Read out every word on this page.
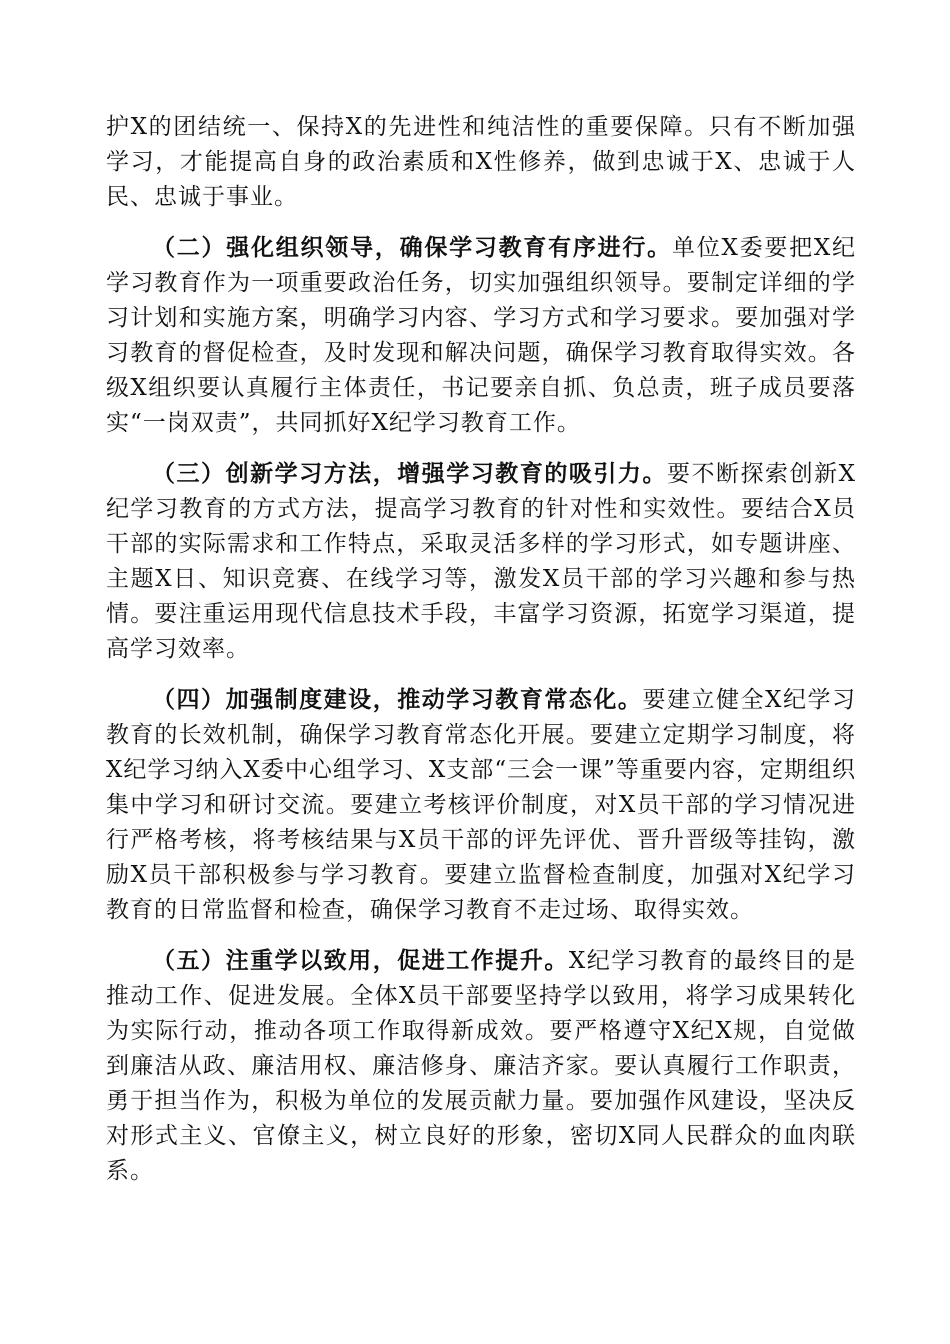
护X的团结统一、保持X的先进性和纯洁性的重要保障。只有不断加强学习，才能提高自身的政治素质和X性修养，做到忠诚于X、忠诚于人民、忠诚于事业。

（二）强化组织领导，确保学习教育有序进行。单位X委要把X纪学习教育作为一项重要政治任务，切实加强组织领导。要制定详细的学习计划和实施方案，明确学习内容、学习方式和学习要求。要加强对学习教育的督促检查，及时发现和解决问题，确保学习教育取得实效。各级X组织要认真履行主体责任，书记要亲自抓、负总责，班子成员要落实“一岗双责”，共同抓好X纪学习教育工作。

（三）创新学习方法，增强学习教育的吸引力。要不断探索创新X纪学习教育的方式方法，提高学习教育的针对性和实效性。要结合X员干部的实际需求和工作特点，采取灵活多样的学习形式，如专题讲座、主题X日、知识竞赛、在线学习等，激发X员干部的学习兴趣和参与热情。要注重运用现代信息技术手段，丰富学习资源，拓宽学习渠道，提高学习效率。

（四）加强制度建设，推动学习教育常态化。要建立健全X纪学习教育的长效机制，确保学习教育常态化开展。要建立定期学习制度，将X纪学习纳入X委中心组学习、X支部“三会一课”等重要内容，定期组织集中学习和研讨交流。要建立考核评价制度，对X员干部的学习情况进行严格考核，将考核结果与X员干部的评先评优、晋升晋级等挂钩，激励X员干部积极参与学习教育。要建立监督检查制度，加强对X纪学习教育的日常监督和检查，确保学习教育不走过场、取得实效。

（五）注重学以致用，促进工作提升。X纪学习教育的最终目的是推动工作、促进发展。全体X员干部要坚持学以致用，将学习成果转化为实际行动，推动各项工作取得新成效。要严格遵守X纪X规，自觉做到廉洁从政、廉洁用权、廉洁修身、廉洁齐家。要认真履行工作职责，勇于担当作为，积极为单位的发展贡献力量。要加强作风建设，坚决反对形式主义、官僚主义，树立良好的形象，密切X同人民群众的血肉联系。
